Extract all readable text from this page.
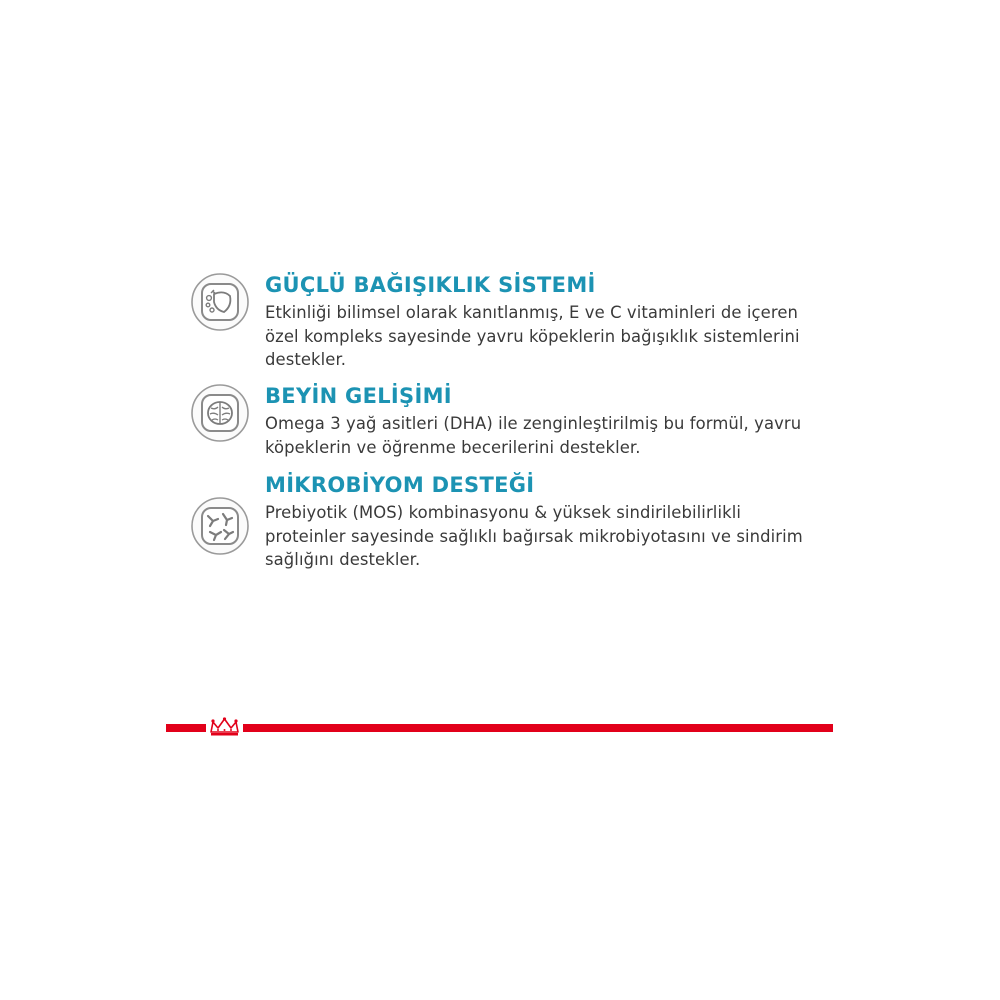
GÜÇLÜ BAĞIŞIKLIK SİSTEMİ

Etkinliği bilimsel olarak kanıtlanmış, E ve C vitaminleri de içeren
özel kompleks sayesinde yavru köpeklerin bağışıklık sistemlerini
destekler.

BEYİN GELİŞİMİ

Omega 3 yağ asitleri (DHA) ile zenginleştirilmiş bu formül, yavru
köpeklerin ve öğrenme becerilerini destekler.

MİKROBİYOM DESTEĞİ

Prebiyotik (MOS) kombinasyonu & yüksek sindirilebilirlikli
proteinler sayesinde sağlıklı bağırsak mikrobiyotasını ve sindirim
sağlığını destekler.
